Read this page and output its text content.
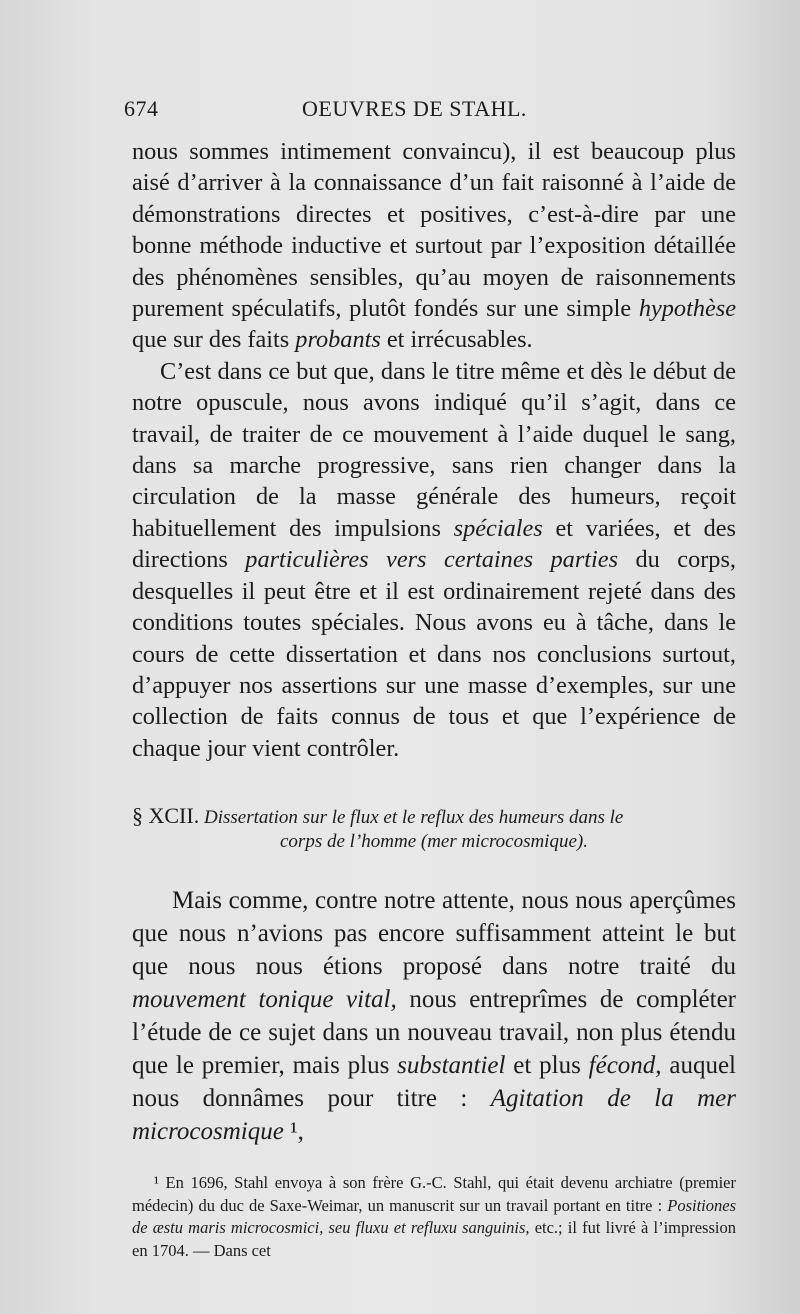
674	OEUVRES DE STAHL.

nous sommes intimement convaincu), il est beaucoup plus aisé d’arriver à la connaissance d’un fait raisonné à l’aide de démonstrations directes et positives, c’est-à-dire par une bonne méthode inductive et surtout par l’exposition détaillée des phénomènes sensibles, qu’au moyen de raisonnements purement spéculatifs, plutôt fondés sur une simple hypothèse que sur des faits probants et irrécusables.

C’est dans ce but que, dans le titre même et dès le début de notre opuscule, nous avons indiqué qu’il s’agit, dans ce travail, de traiter de ce mouvement à l’aide duquel le sang, dans sa marche progressive, sans rien changer dans la circulation de la masse générale des humeurs, reçoit habituellement des impulsions spéciales et variées, et des directions particulières vers certaines parties du corps, desquelles il peut être et il est ordinairement rejeté dans des conditions toutes spéciales. Nous avons eu à tâche, dans le cours de cette dissertation et dans nos conclusions surtout, d’appuyer nos assertions sur une masse d’exemples, sur une collection de faits connus de tous et que l’expérience de chaque jour vient contrôler.

§ XCII. Dissertation sur le flux et le reflux des humeurs dans le
corps de l’homme (mer microcosmique).

Mais comme, contre notre attente, nous nous aperçûmes que nous n’avions pas encore suffisamment atteint le but que nous nous étions proposé dans notre traité du mouvement tonique vital, nous entreprîmes de compléter l’étude de ce sujet dans un nouveau travail, non plus étendu que le premier, mais plus substantiel et plus fécond, auquel nous donnâmes pour titre : Agitation de la mer microcosmique ¹,

¹ En 1696, Stahl envoya à son frère G.-C. Stahl, qui était devenu archiatre (premier médecin) du duc de Saxe-Weimar, un manuscrit sur un travail portant en titre : Positiones de æstu maris microcosmici, seu fluxu et refluxu sanguinis, etc.; il fut livré à l’impression en 1704. — Dans cet
